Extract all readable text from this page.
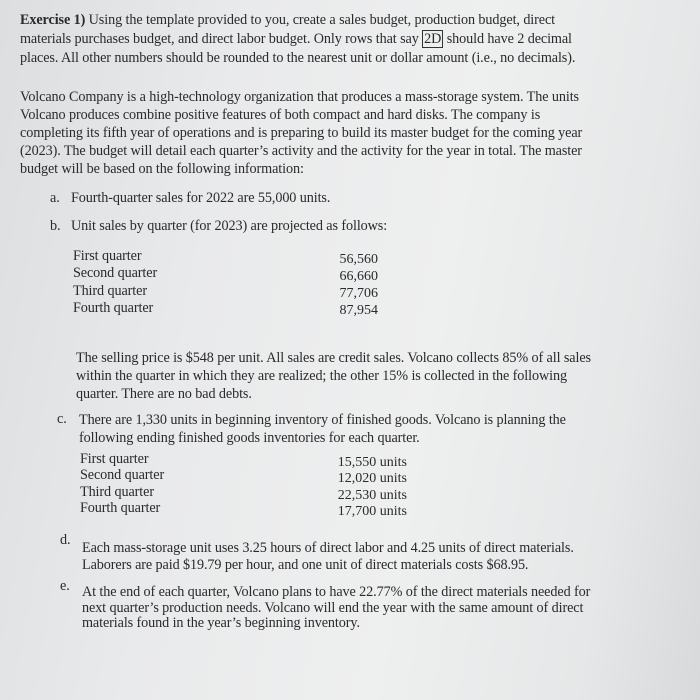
Exercise 1) Using the template provided to you, create a sales budget, production budget, direct
materials purchases budget, and direct labor budget. Only rows that say 2D should have 2 decimal
places. All other numbers should be rounded to the nearest unit or dollar amount (i.e., no decimals).
Volcano Company is a high-technology organization that produces a mass-storage system. The units
Volcano produces combine positive features of both compact and hard disks. The company is
completing its fifth year of operations and is preparing to build its master budget for the coming year
(2023). The budget will detail each quarter’s activity and the activity for the year in total. The master
budget will be based on the following information:
a. Fourth-quarter sales for 2022 are 55,000 units.
b. Unit sales by quarter (for 2023) are projected as follows:
First quarter	56,560
Second quarter	66,660
Third quarter	77,706
Fourth quarter	87,954
The selling price is $548 per unit. All sales are credit sales. Volcano collects 85% of all sales
within the quarter in which they are realized; the other 15% is collected in the following
quarter. There are no bad debts.
c. There are 1,330 units in beginning inventory of finished goods. Volcano is planning the
following ending finished goods inventories for each quarter.
First quarter	15,550 units
Second quarter	12,020 units
Third quarter	22,530 units
Fourth quarter	17,700 units
d. Each mass-storage unit uses 3.25 hours of direct labor and 4.25 units of direct materials.
Laborers are paid $19.79 per hour, and one unit of direct materials costs $68.95.
e. At the end of each quarter, Volcano plans to have 22.77% of the direct materials needed for
next quarter’s production needs. Volcano will end the year with the same amount of direct
materials found in the year’s beginning inventory.
